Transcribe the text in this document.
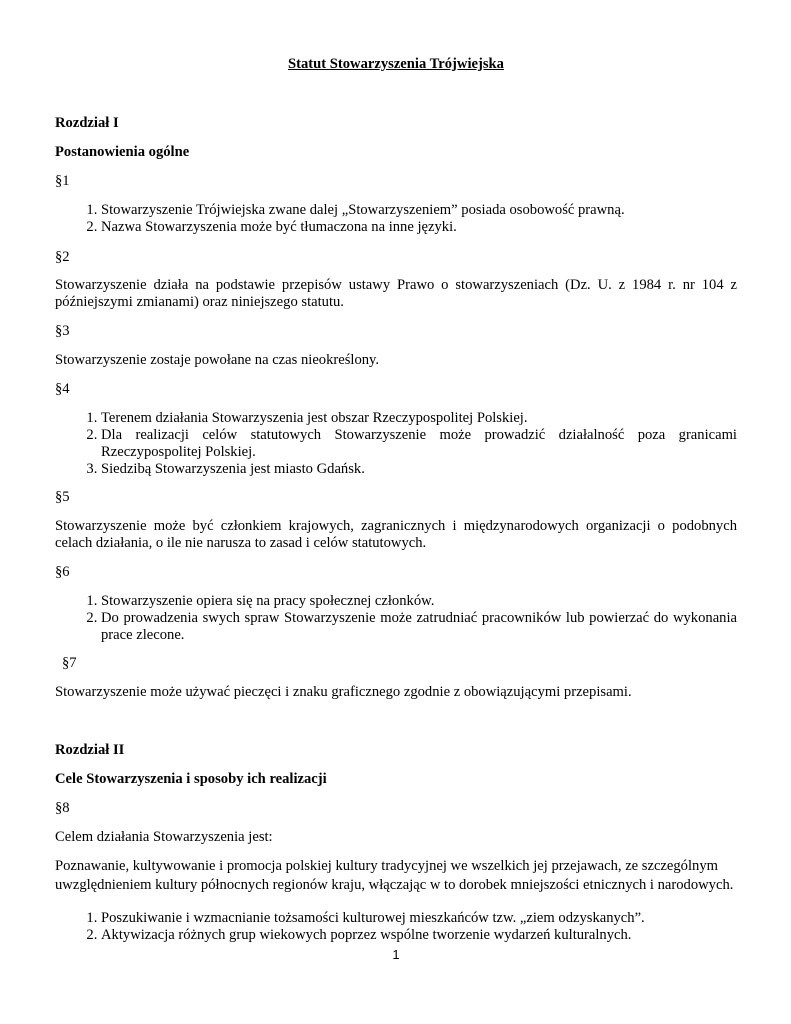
Statut Stowarzyszenia Trójwiejska

Rozdział I

Postanowienia ogólne

§1

1. Stowarzyszenie Trójwiejska zwane dalej „Stowarzyszeniem” posiada osobowość prawną.
2. Nazwa Stowarzyszenia może być tłumaczona na inne języki.

§2

Stowarzyszenie działa na podstawie przepisów ustawy Prawo o stowarzyszeniach (Dz. U. z 1984 r. nr 104 z późniejszymi zmianami) oraz niniejszego statutu.

§3

Stowarzyszenie zostaje powołane na czas nieokreślony.

§4

1. Terenem działania Stowarzyszenia jest obszar Rzeczypospolitej Polskiej.
2. Dla realizacji celów statutowych Stowarzyszenie może prowadzić działalność poza granicami Rzeczypospolitej Polskiej.
3. Siedzibą Stowarzyszenia jest miasto Gdańsk.

§5

Stowarzyszenie może być członkiem krajowych, zagranicznych i międzynarodowych organizacji o podobnych celach działania, o ile nie narusza to zasad i celów statutowych.

§6

1. Stowarzyszenie opiera się na pracy społecznej członków.
2. Do prowadzenia swych spraw Stowarzyszenie może zatrudniać pracowników lub powierzać do wykonania prace zlecone.

§7

Stowarzyszenie może używać pieczęci i znaku graficznego zgodnie z obowiązującymi przepisami.

Rozdział II

Cele Stowarzyszenia i sposoby ich realizacji

§8

Celem działania Stowarzyszenia jest:

Poznawanie, kultywowanie i promocja polskiej kultury tradycyjnej we wszelkich jej przejawach, ze szczególnym uwzględnieniem kultury północnych regionów kraju, włączając w to dorobek mniejszości etnicznych i narodowych.

1. Poszukiwanie i wzmacnianie tożsamości kulturowej mieszkańców tzw. „ziem odzyskanych”.
2. Aktywizacja różnych grup wiekowych poprzez wspólne tworzenie wydarzeń kulturalnych.
1
